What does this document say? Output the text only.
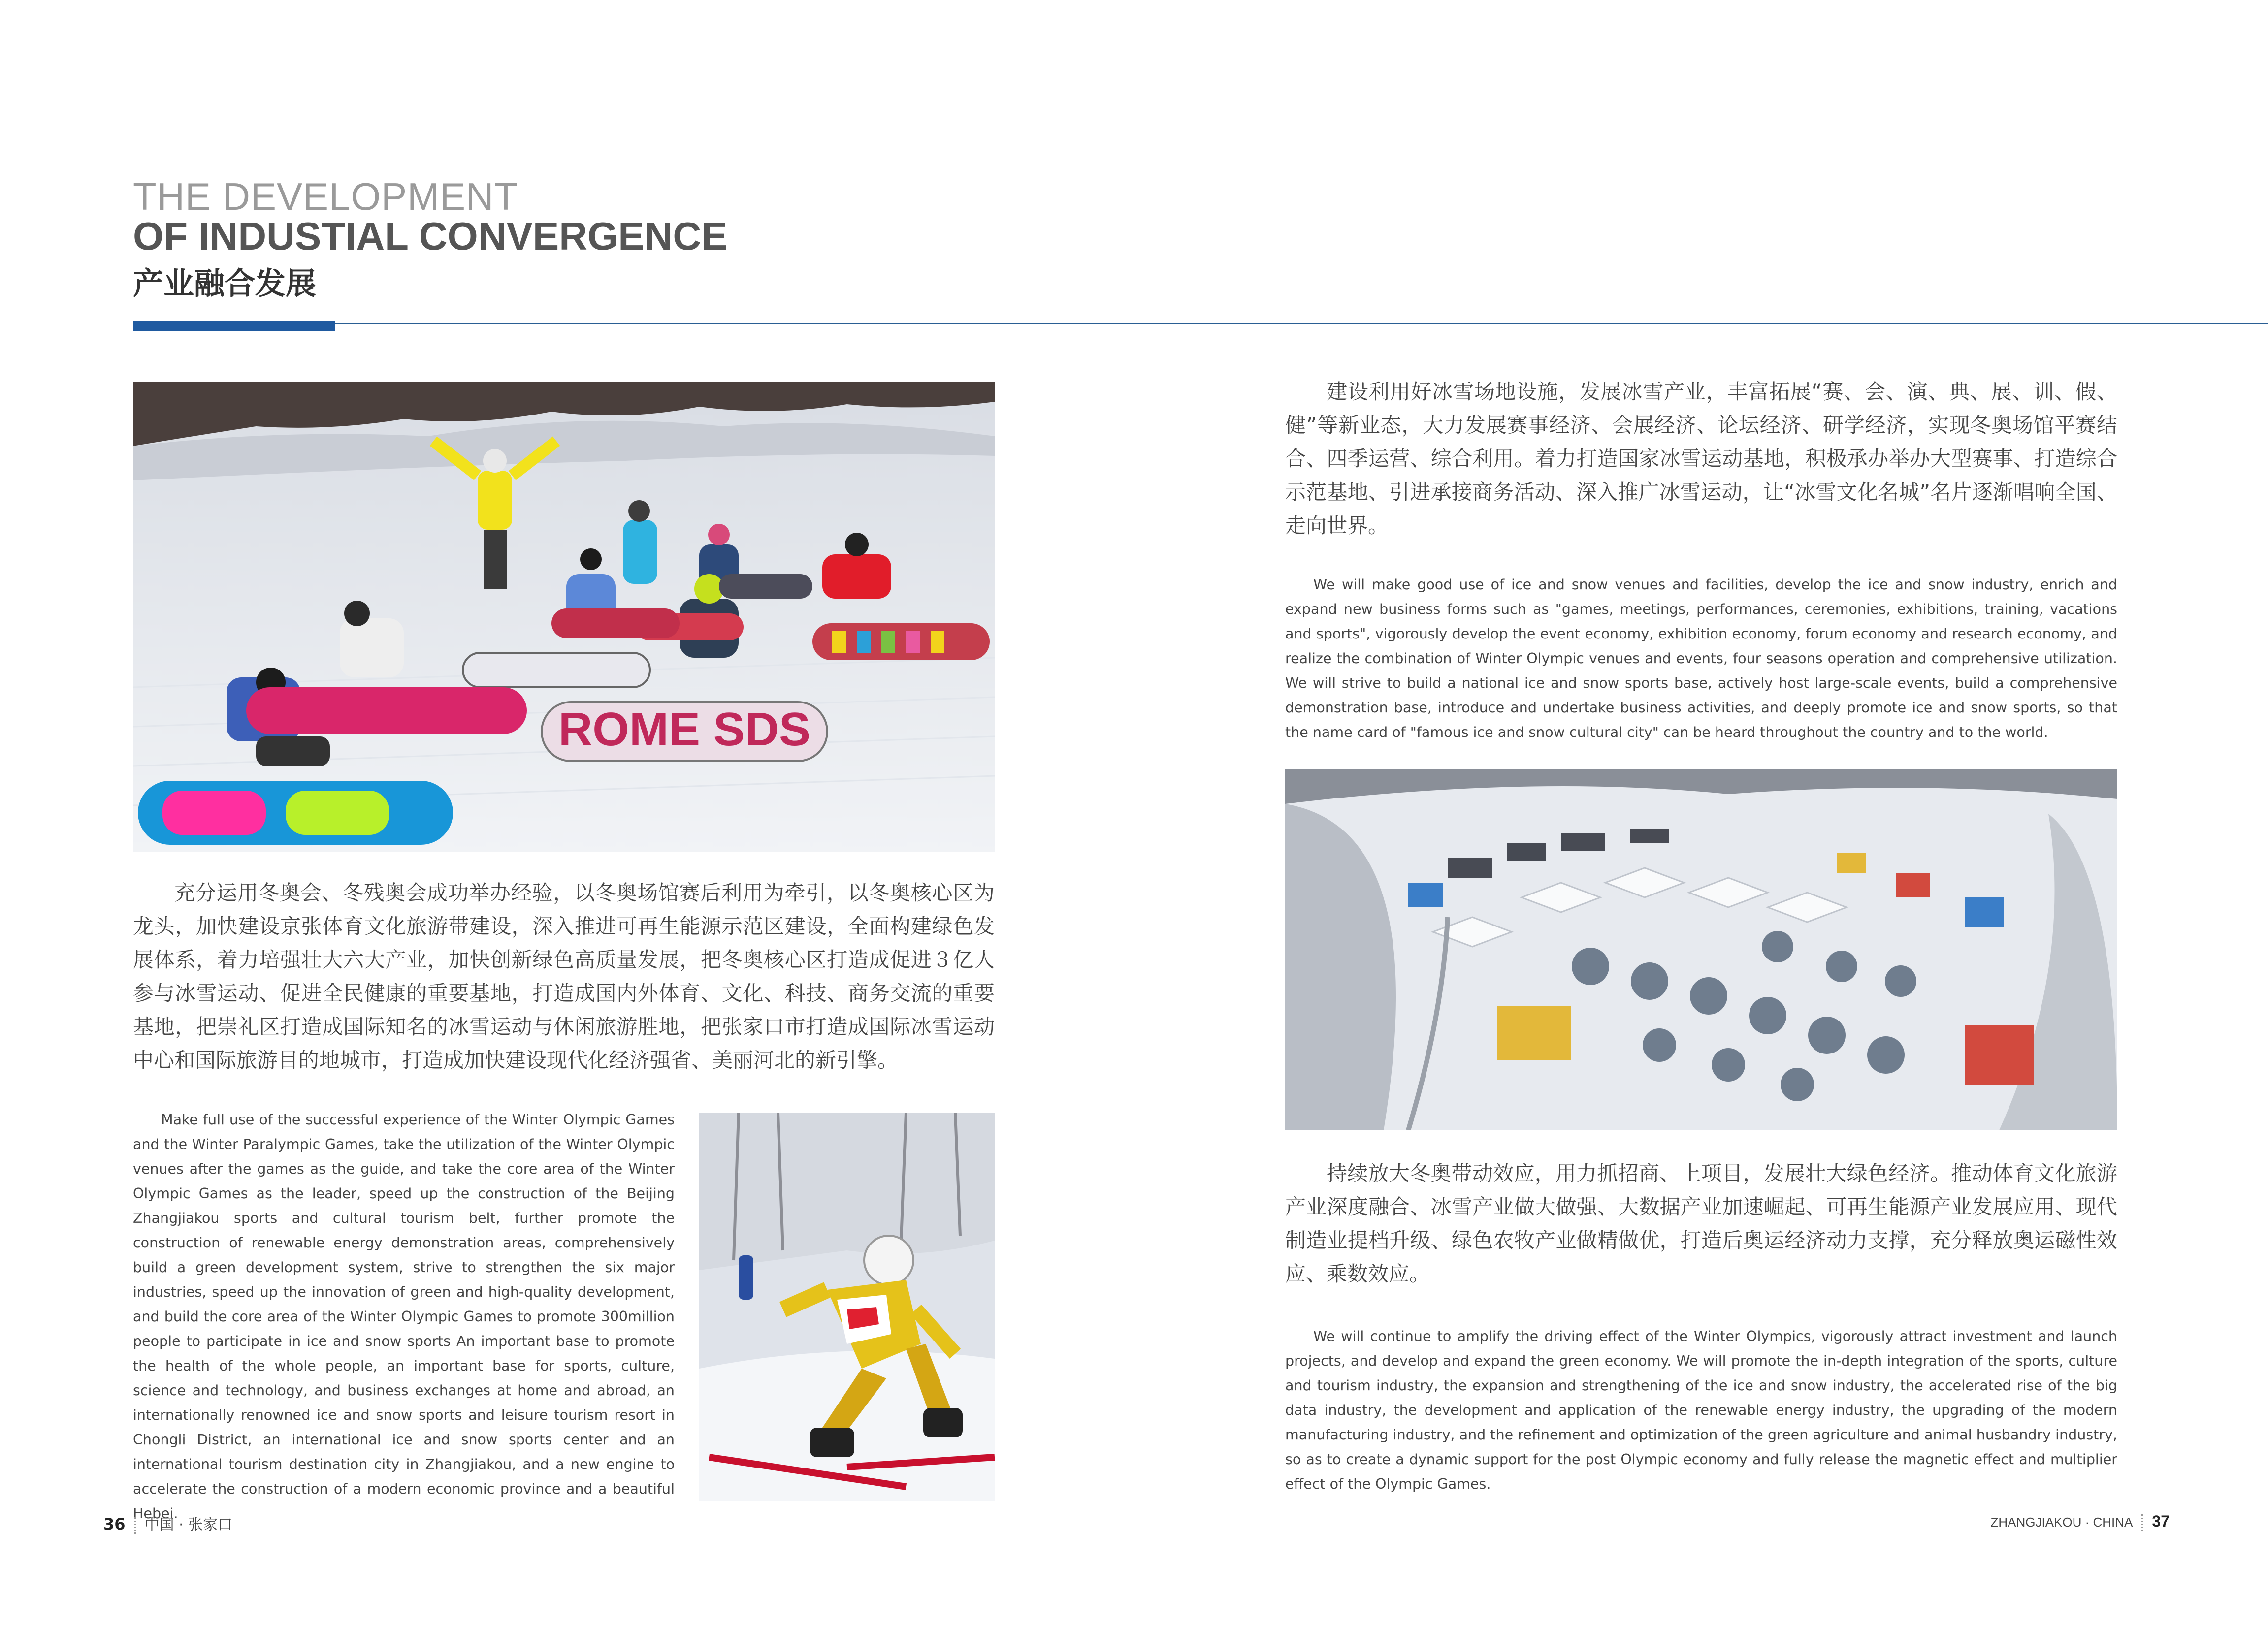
THE DEVELOPMENT
OF INDUSTIAL CONVERGENCE
产业融合发展
ROME SDS

充分运用冬奥会、冬残奥会成功举办经验，以冬奥场馆赛后利用为牵引，以冬奥核心区为龙头，加快建设京张体育文化旅游带建设，深入推进可再生能源示范区建设，全面构建绿色发展体系，着力培强壮大六大产业，加快创新绿色高质量发展，把冬奥核心区打造成促进３亿人参与冰雪运动、促进全民健康的重要基地，打造成国内外体育、文化、科技、商务交流的重要基地，把崇礼区打造成国际知名的冰雪运动与休闲旅游胜地，把张家口市打造成国际冰雪运动中心和国际旅游目的地城市，打造成加快建设现代化经济强省、美丽河北的新引擎。

Make full use of the successful experience of the Winter Olympic Games and the Winter Paralympic Games, take the utilization of the Winter Olympic venues after the games as the guide, and take the core area of the Winter Olympic Games as the leader, speed up the construction of the Beijing Zhangjiakou sports and cultural tourism belt, further promote the construction of renewable energy demonstration areas, comprehensively build a green development system, strive to strengthen the six major industries, speed up the innovation of green and high-quality development, and build the core area of the Winter Olympic Games to promote 300million people to participate in ice and snow sports An important base to promote the health of the whole people, an important base for sports, culture, science and technology, and business exchanges at home and abroad, an internationally renowned ice and snow sports and leisure tourism resort in Chongli District, an international ice and snow sports center and an international tourism destination city in Zhangjiakou, and a new engine to accelerate the construction of a modern economic province and a beautiful Hebei.

36 中国 · 张家口

建设利用好冰雪场地设施，发展冰雪产业，丰富拓展“赛、会、演、典、展、训、假、健”等新业态，大力发展赛事经济、会展经济、论坛经济、研学经济，实现冬奥场馆平赛结合、四季运营、综合利用。着力打造国家冰雪运动基地，积极承办举办大型赛事、打造综合示范基地、引进承接商务活动、深入推广冰雪运动，让“冰雪文化名城”名片逐渐唱响全国、走向世界。

We will make good use of ice and snow venues and facilities, develop the ice and snow industry, enrich and expand new business forms such as "games, meetings, performances, ceremonies, exhibitions, training, vacations and sports", vigorously develop the event economy, exhibition economy, forum economy and research economy, and realize the combination of Winter Olympic venues and events, four seasons operation and comprehensive utilization. We will strive to build a national ice and snow sports base, actively host large-scale events, build a comprehensive demonstration base, introduce and undertake business activities, and deeply promote ice and snow sports, so that the name card of "famous ice and snow cultural city" can be heard throughout the country and to the world.

持续放大冬奥带动效应，用力抓招商、上项目，发展壮大绿色经济。推动体育文化旅游产业深度融合、冰雪产业做大做强、大数据产业加速崛起、可再生能源产业发展应用、现代制造业提档升级、绿色农牧产业做精做优，打造后奥运经济动力支撑，充分释放奥运磁性效应、乘数效应。

We will continue to amplify the driving effect of the Winter Olympics, vigorously attract investment and launch projects, and develop and expand the green economy. We will promote the in-depth integration of the sports, culture and tourism industry, the expansion and strengthening of the ice and snow industry, the accelerated rise of the big data industry, the development and application of the renewable energy industry, the upgrading of the modern manufacturing industry, and the refinement and optimization of the green agriculture and animal husbandry industry, so as to create a dynamic support for the post Olympic economy and fully release the magnetic effect and multiplier effect of the Olympic Games.

ZHANGJIAKOU · CHINA 37
